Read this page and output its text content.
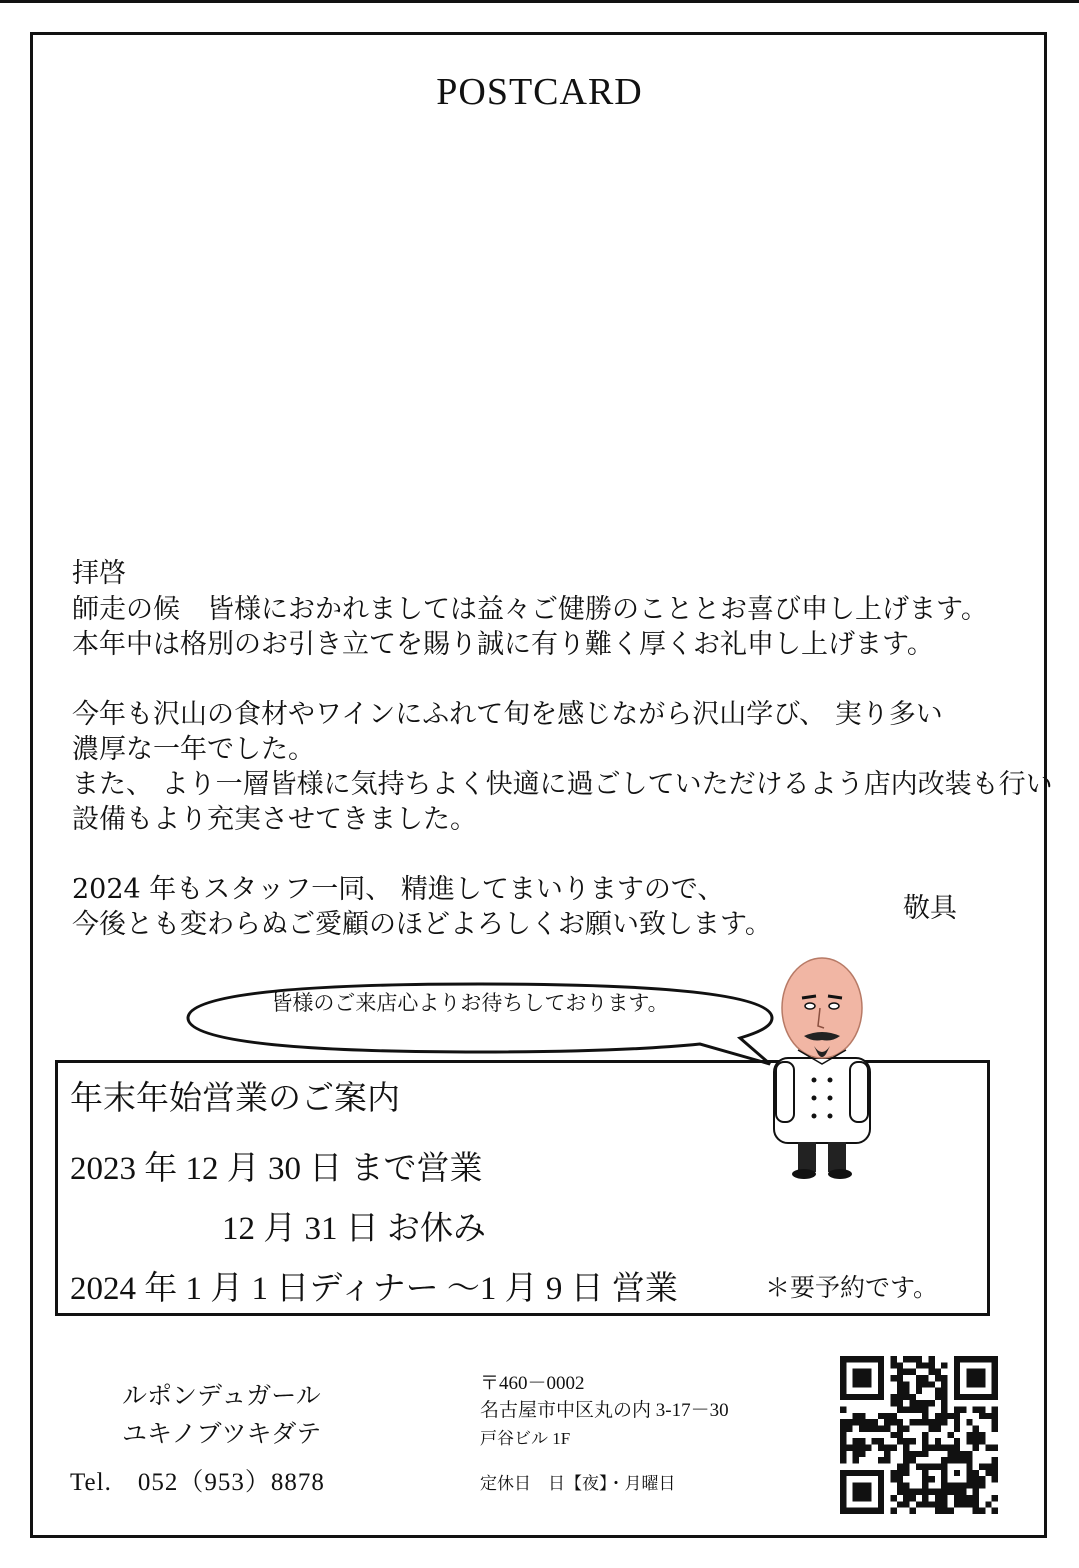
POSTCARD

拝啓

師走の候　皆様におかれましては益々ご健勝のこととお喜び申し上げます。

本年中は格別のお引き立てを賜り誠に有り難く厚くお礼申し上げます。

今年も沢山の食材やワインにふれて旬を感じながら沢山学び、 実り多い

濃厚な一年でした。

また、 より一層皆様に気持ちよく快適に過ごしていただけるよう店内改装も行い

設備もより充実させてきました。

2024 年もスタッフ一同、 精進してまいりますので、

今後とも変わらぬご愛顧のほどよろしくお願い致します。

敬具
皆様のご来店心よりお待ちしております。
年末年始営業のご案内
2023 年 12 月 30 日 まで営業
12 月 31 日 お休み
2024 年 1 月 1 日ディナー ～1 月 9 日 営業	＊要予約です。
ルポンデュガール
ユキノブツキダテ
Tel.　052（953）8878
〒460－0002
名古屋市中区丸の内 3-17－30
戸谷ビル 1F
定休日　日【夜】・月曜日
